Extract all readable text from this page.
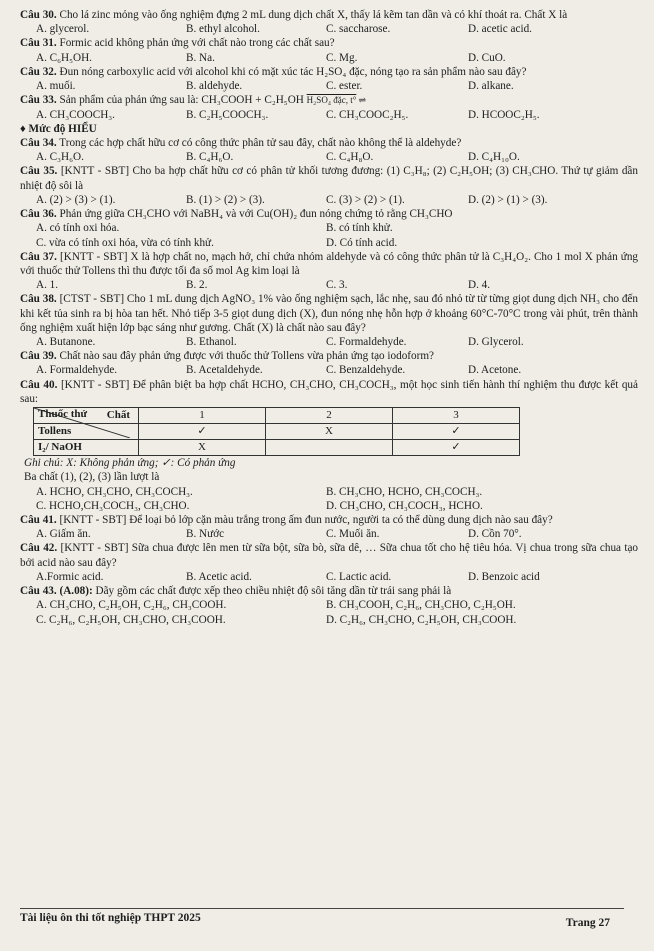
Câu 30. Cho lá zinc mỏng vào ống nghiệm đựng 2 mL dung dịch chất X, thấy lá kẽm tan dần và có khí thoát ra. Chất X là

A. glycerol.	B. ethyl alcohol.	C. saccharose.	D. acetic acid.

Câu 31. Formic acid không phản ứng với chất nào trong các chất sau?

A. C₆H₅OH.	B. Na.	C. Mg.	D. CuO.

Câu 32. Đun nóng carboxylic acid với alcohol khi có mặt xúc tác H₂SO₄ đặc, nóng tạo ra sản phẩm nào sau đây?

A. muối.	B. aldehyde.	C. ester.	D. alkane.

Câu 33. Sản phẩm của phản ứng sau là: CH₃COOH + C₂H₅OH H₂SO₄ đặc, t° ⇌

A. CH₃COOCH₃.	B. C₂H₅COOCH₃.	C. CH₃COOC₂H₅.	D. HCOOC₂H₅.

♦ Mức độ HIỂU

Câu 34. Trong các hợp chất hữu cơ có công thức phân tử sau đây, chất nào không thể là aldehyde?

A. C₃H₆O.	B. C₄H₆O.	C. C₄H₈O.	D. C₄H₁₀O.

Câu 35. [KNTT - SBT] Cho ba hợp chất hữu cơ có phân tử khối tương đương: (1) C₃H₈; (2) C₂H₅OH; (3) CH₃CHO. Thứ tự giảm dần nhiệt độ sôi là

A. (2) > (3) > (1).	B. (1) > (2) > (3).	C. (3) > (2) > (1).	D. (2) > (1) > (3).

Câu 36. Phản ứng giữa CH₃CHO với NaBH₄ và với Cu(OH)₂ đun nóng chứng tỏ rằng CH₃CHO

A. có tính oxi hóa.	B. có tính khử.
C. vừa có tính oxi hóa, vừa có tính khử.	D. Có tính acid.

Câu 37. [KNTT - SBT] X là hợp chất no, mạch hở, chỉ chứa nhóm aldehyde và có công thức phân tử là C₃H₄O₂. Cho 1 mol X phản ứng với thuốc thử Tollens thì thu được tối đa số mol Ag kim loại là

A. 1.	B. 2.	C. 3.	D. 4.

Câu 38. [CTST - SBT] Cho 1 mL dung dịch AgNO₃ 1% vào ống nghiệm sạch, lắc nhẹ, sau đó nhỏ từ từ từng giọt dung dịch NH₃ cho đến khi kết tủa sinh ra bị hòa tan hết. Nhỏ tiếp 3-5 giọt dung dịch (X), đun nóng nhẹ hỗn hợp ở khoảng 60°C-70°C trong vài phút, trên thành ống nghiệm xuất hiện lớp bạc sáng như gương. Chất (X) là chất nào sau đây?

A. Butanone.	B. Ethanol.	C. Formaldehyde.	D. Glycerol.

Câu 39. Chất nào sau đây phản ứng được với thuốc thử Tollens vừa phản ứng tạo iodoform?

A. Formaldehyde.	B. Acetaldehyde.	C. Benzaldehyde.	D. Acetone.

Câu 40. [KNTT - SBT] Để phân biệt ba hợp chất HCHO, CH₃CHO, CH₃COCH₃, một học sinh tiến hành thí nghiệm thu được kết quả sau:

Chất
Thuốc thử	1	2	3
Tollens	✓	X	✓
I₂/ NaOH	X		✓

Ghi chú: X: Không phản ứng; ✓: Có phản ứng

Ba chất (1), (2), (3) lần lượt là

A. HCHO, CH₃CHO, CH₃COCH₃.	B. CH₃CHO, HCHO, CH₃COCH₃.
C. HCHO,CH₃COCH₃, CH₃CHO.	D. CH₃CHO, CH₃COCH₃, HCHO.

Câu 41. [KNTT - SBT] Để loại bỏ lớp cặn màu trắng trong ấm đun nước, người ta có thể dùng dung dịch nào sau đây?

A. Giấm ăn.	B. Nước	C. Muối ăn.	D. Cồn 70°.

Câu 42. [KNTT - SBT] Sữa chua được lên men từ sữa bột, sữa bò, sữa dê, … Sữa chua tốt cho hệ tiêu hóa. Vị chua trong sữa chua tạo bởi acid nào sau đây?

A.Formic acid.	B. Acetic acid.	C. Lactic acid.	D. Benzoic acid

Câu 43. (A.08): Dãy gồm các chất được xếp theo chiều nhiệt độ sôi tăng dần từ trái sang phải là

A. CH₃CHO, C₂H₅OH, C₂H₆, CH₃COOH.	B. CH₃COOH, C₂H₆, CH₃CHO, C₂H₅OH.
C. C₂H₆, C₂H₅OH, CH₃CHO, CH₃COOH.	D. C₂H₆, CH₃CHO, C₂H₅OH, CH₃COOH.
Tài liệu ôn thi tốt nghiệp THPT 2025	Trang 27
